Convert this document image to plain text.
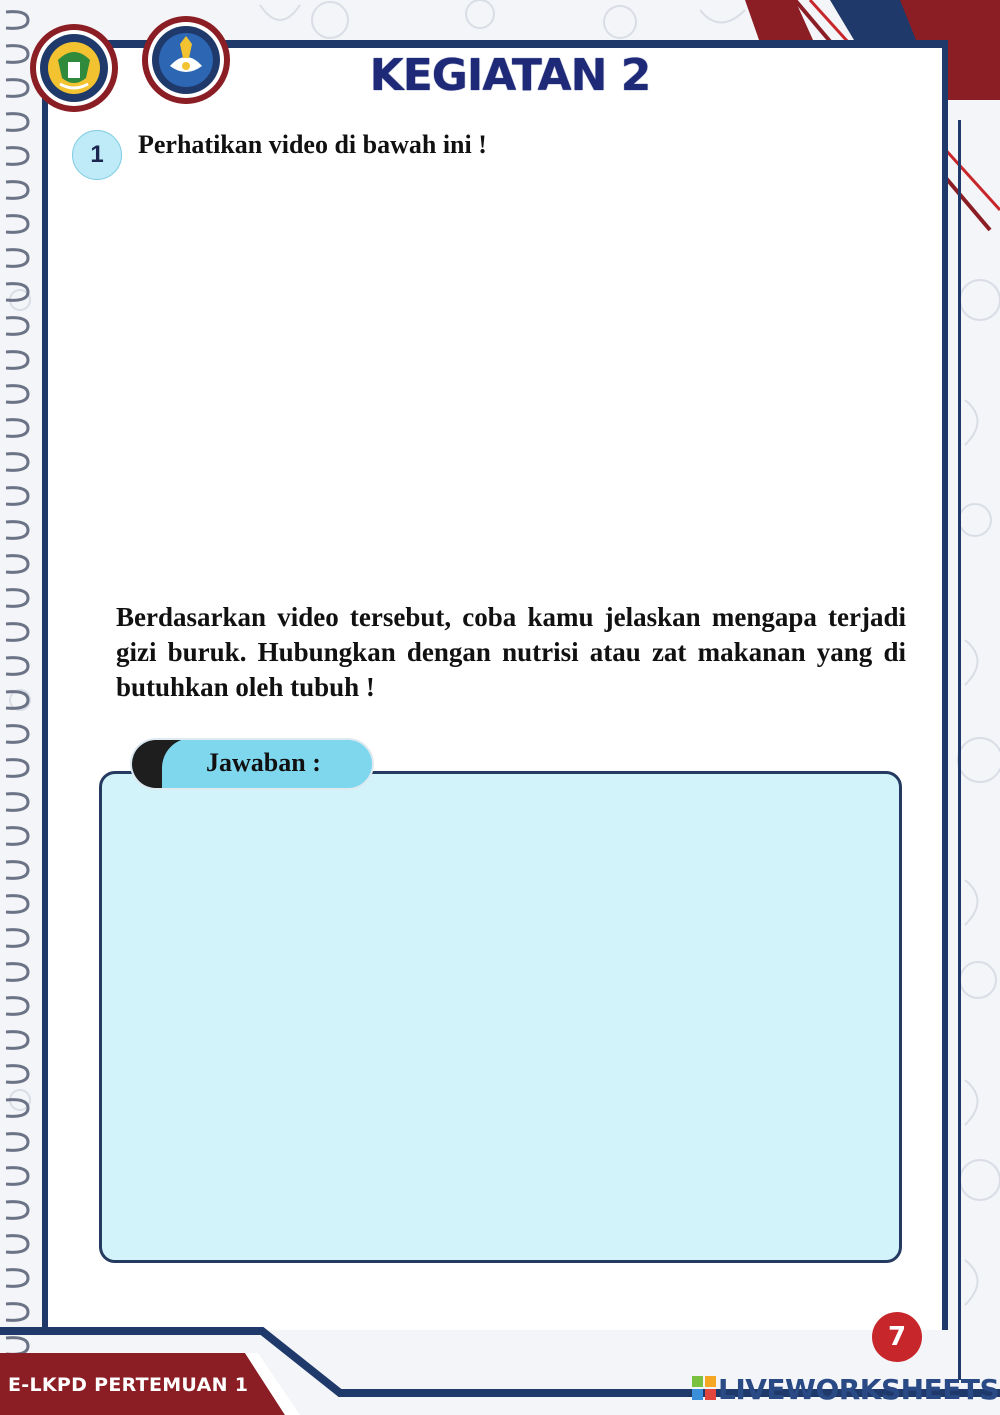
KEGIATAN 2
1	Perhatikan video di bawah ini !
Berdasarkan video tersebut, coba kamu jelaskan mengapa terjadi gizi buruk. Hubungkan dengan nutrisi atau zat makanan yang di butuhkan oleh tubuh !
Jawaban :
7
E-LKPD PERTEMUAN 1	LIVEWORKSHEETS
